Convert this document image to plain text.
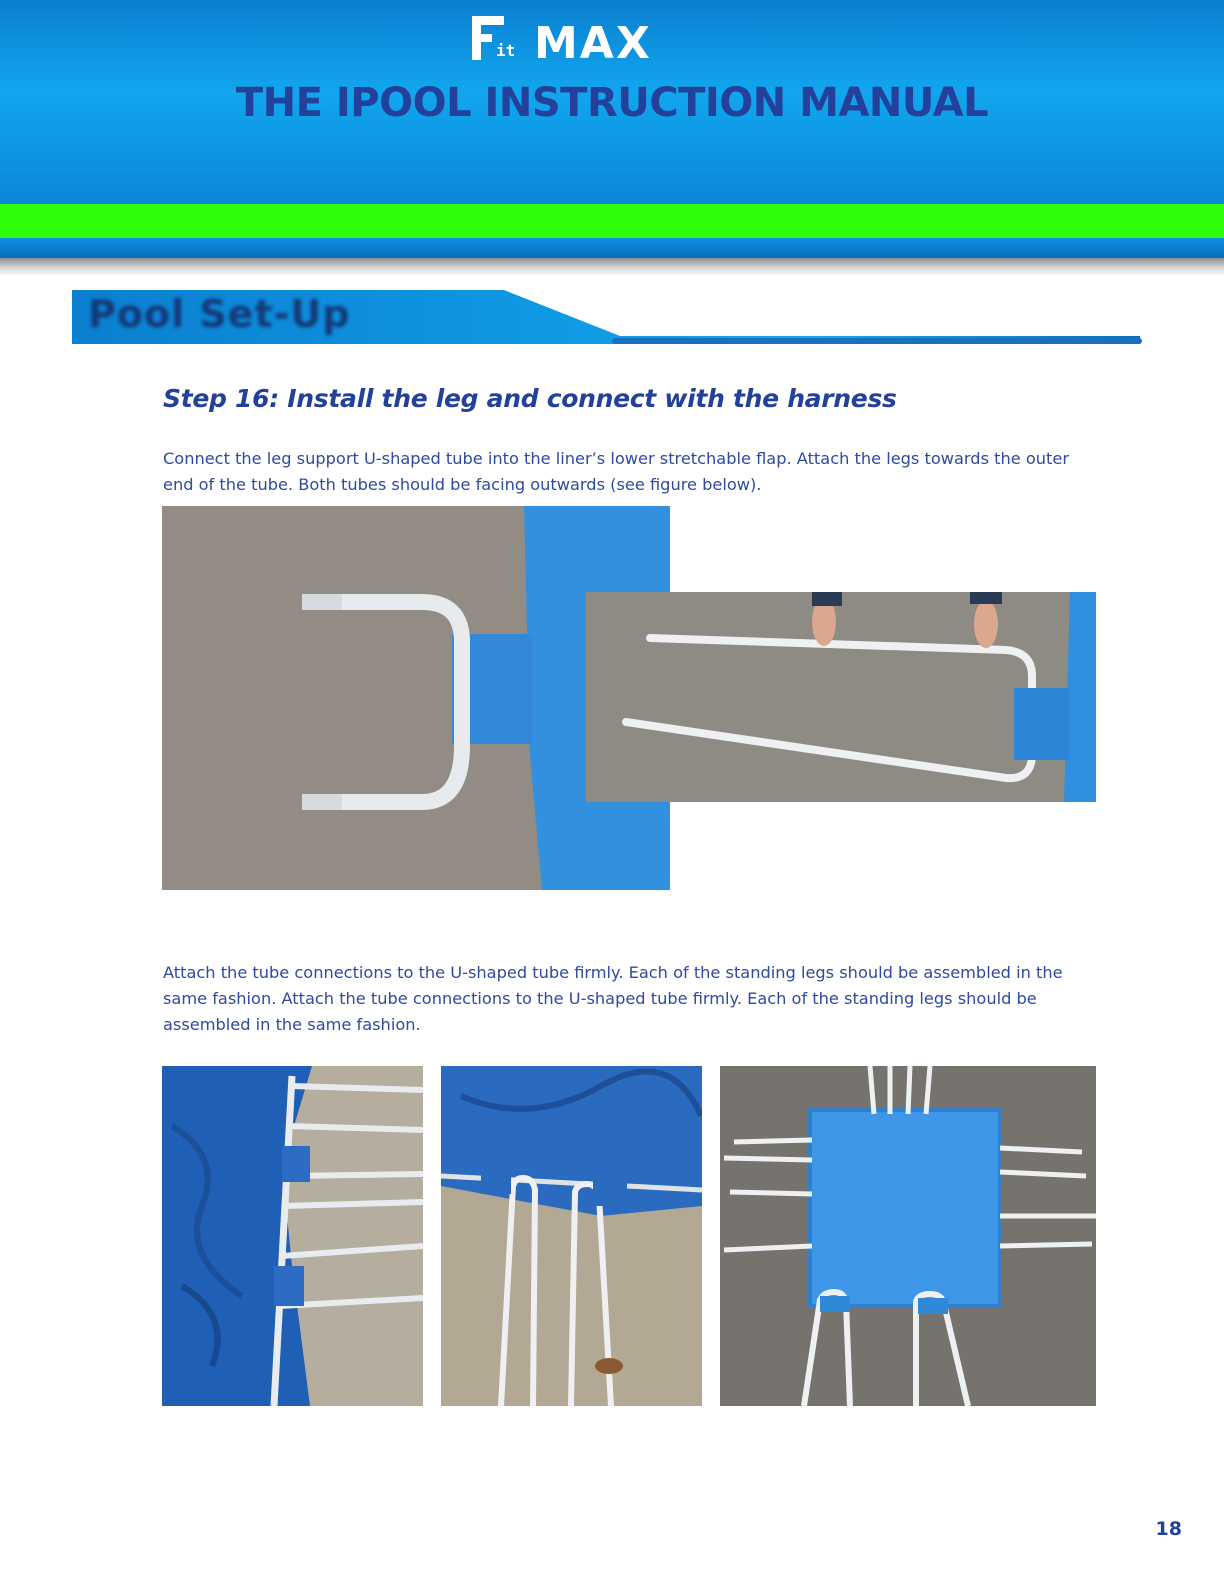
it MAX
THE IPOOL INSTRUCTION MANUAL
Pool Set-Up
Step 16: Install the leg and connect with the harness

Connect the leg support U-shaped tube into the liner’s lower stretchable flap. Attach the legs towards the outer end of the tube. Both tubes should be facing outwards (see figure below).

Attach the tube connections to the U-shaped tube firmly. Each of the standing legs should be assembled in the same fashion. Attach the tube connections to the U-shaped tube firmly. Each of the standing legs should be assembled in the same fashion.

18
